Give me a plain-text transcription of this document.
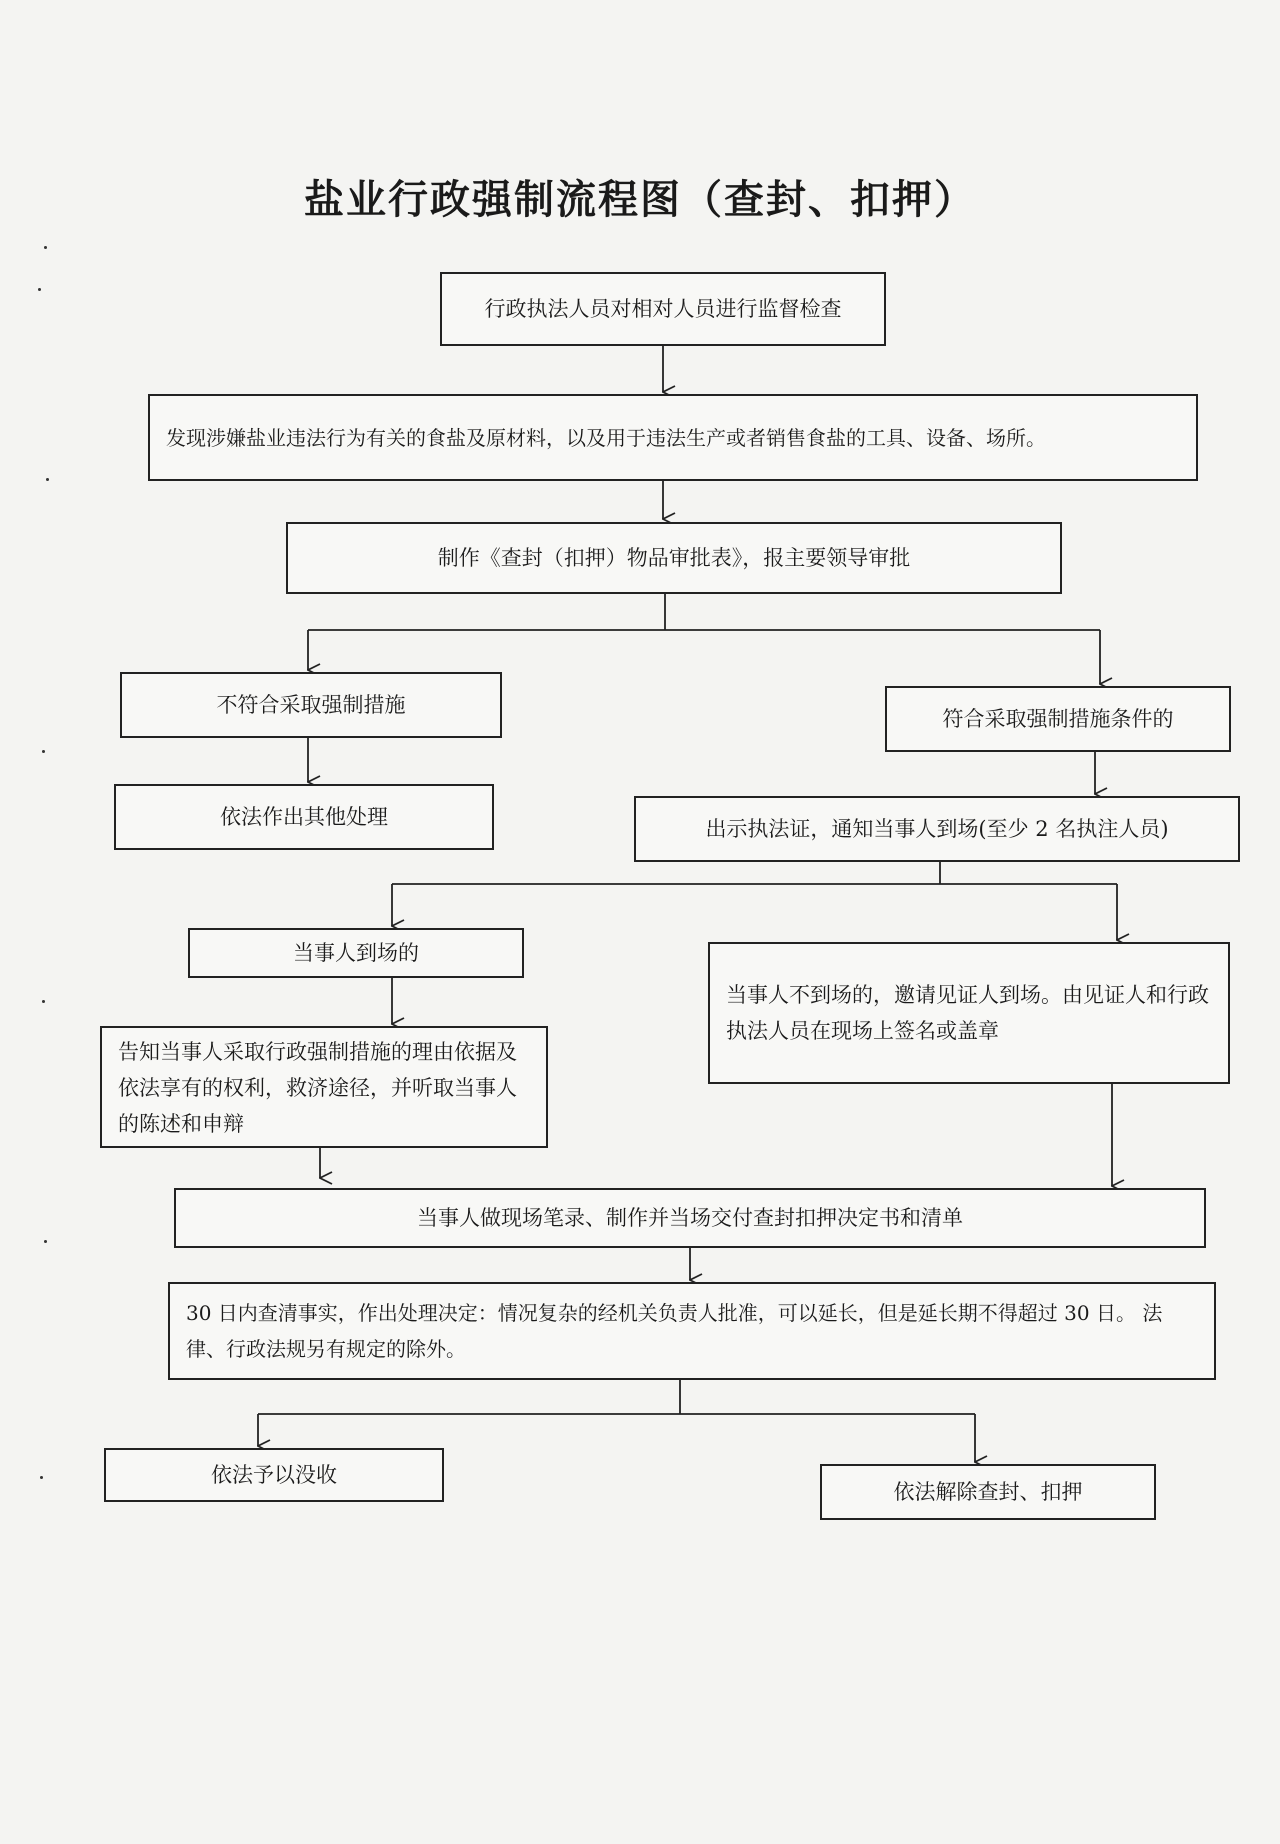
盐业行政强制流程图（查封、扣押）
行政执法人员对相对人员进行监督检查
发现涉嫌盐业违法行为有关的食盐及原材料，以及用于违法生产或者销售食盐的工具、设备、场所。
制作《查封（扣押）物品审批表》，报主要领导审批
不符合采取强制措施
依法作出其他处理
符合采取强制措施条件的
出示执法证，通知当事人到场(至少 2 名执注人员)
当事人到场的
告知当事人采取行政强制措施的理由依据及依法享有的权利，救济途径，并听取当事人的陈述和申辩
当事人不到场的，邀请见证人到场。由见证人和行政执法人员在现场上签名或盖章
当事人做现场笔录、制作并当场交付查封扣押决定书和清单
30 日内查清事实，作出处理决定：情况复杂的经机关负责人批准，可以延长，但是延长期不得超过 30 日。 法律、行政法规另有规定的除外。
依法予以没收
依法解除查封、扣押
